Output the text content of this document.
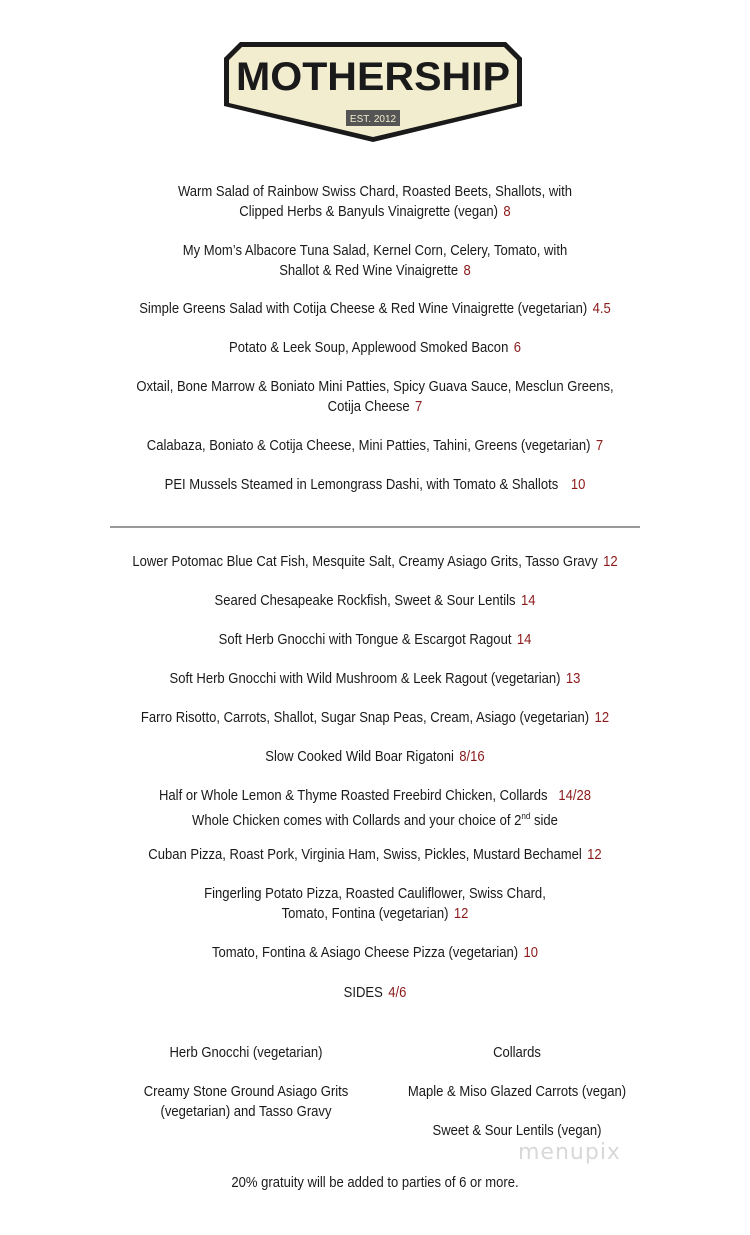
MOTHERSHIP
EST. 2012
Warm Salad of Rainbow Swiss Chard, Roasted Beets, Shallots, with
Clipped Herbs & Banyuls Vinaigrette (vegan) 8
My Mom’s Albacore Tuna Salad, Kernel Corn, Celery, Tomato, with
Shallot & Red Wine Vinaigrette 8
Simple Greens Salad with Cotija Cheese & Red Wine Vinaigrette (vegetarian) 4.5
Potato & Leek Soup, Applewood Smoked Bacon 6
Oxtail, Bone Marrow & Boniato Mini Patties, Spicy Guava Sauce, Mesclun Greens,
Cotija Cheese 7
Calabaza, Boniato & Cotija Cheese, Mini Patties, Tahini, Greens (vegetarian) 7
PEI Mussels Steamed in Lemongrass Dashi, with Tomato & Shallots 10
Lower Potomac Blue Cat Fish, Mesquite Salt, Creamy Asiago Grits, Tasso Gravy 12
Seared Chesapeake Rockfish, Sweet & Sour Lentils 14
Soft Herb Gnocchi with Tongue & Escargot Ragout 14
Soft Herb Gnocchi with Wild Mushroom & Leek Ragout (vegetarian) 13
Farro Risotto, Carrots, Shallot, Sugar Snap Peas, Cream, Asiago (vegetarian) 12
Slow Cooked Wild Boar Rigatoni 8/16
Half or Whole Lemon & Thyme Roasted Freebird Chicken, Collards 14/28
Whole Chicken comes with Collards and your choice of 2nd side
Cuban Pizza, Roast Pork, Virginia Ham, Swiss, Pickles, Mustard Bechamel 12
Fingerling Potato Pizza, Roasted Cauliflower, Swiss Chard,
Tomato, Fontina (vegetarian) 12
Tomato, Fontina & Asiago Cheese Pizza (vegetarian) 10
SIDES 4/6
Herb Gnocchi (vegetarian)
Creamy Stone Ground Asiago Grits
(vegetarian) and Tasso Gravy
Collards
Maple & Miso Glazed Carrots (vegan)
Sweet & Sour Lentils (vegan)
menupix
20% gratuity will be added to parties of 6 or more.
